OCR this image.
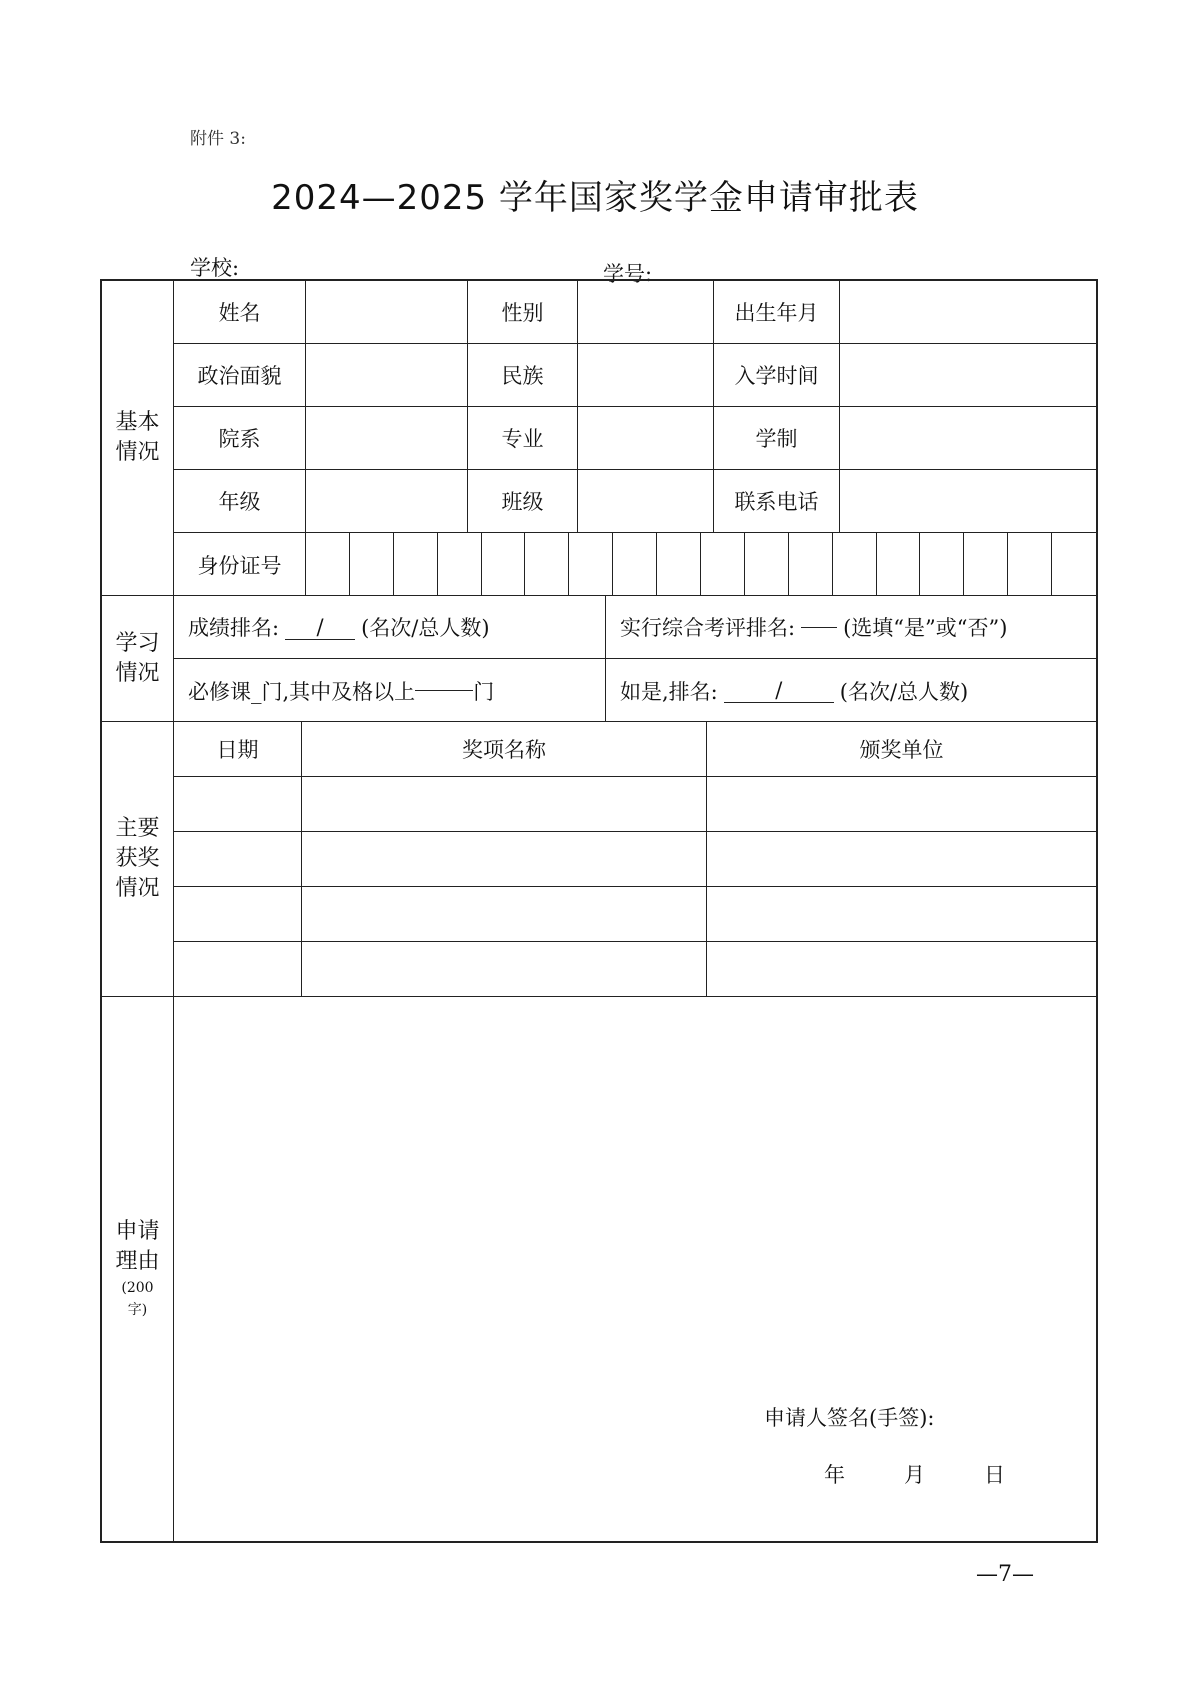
附件 3:
2024—2025 学年国家奖学金申请审批表
学校:	学号:
基本情况
姓名	性别	出生年月
政治面貌	民族	入学时间
院系	专业	学制
年级	班级	联系电话
身份证号
学习情况
成绩排名:	/	(名次/总人数)	实行综合考评排名: (选填“是”或“否”)
必修课_门,其中及格以上	门	如是,排名:	/	(名次/总人数)
主要获奖情况
日期	奖项名称	颁奖单位
申请理由
(200字)
申请人签名(手签):
年	月	日
—7—
